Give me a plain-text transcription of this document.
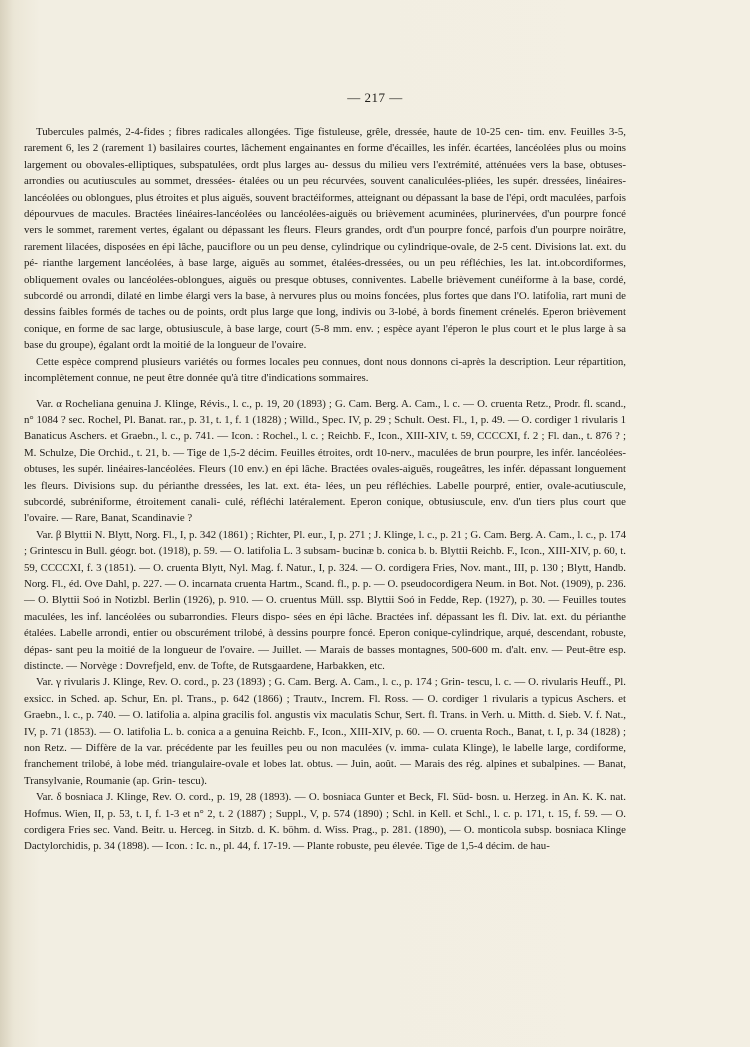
— 217 —

Tubercules palmés, 2-4-fides ; fibres radicales allongées. Tige fistuleuse, grêle, dressée, haute de 10-25 cen- tim. env. Feuilles 3-5, rarement 6, les 2 (rarement 1) basilaires courtes, lâchement engainantes en forme d'écailles, les infér. écartées, lancéolées plus ou moins largement ou obovales-elliptiques, subspatulées, ordt plus larges au- dessus du milieu vers l'extrémité, atténuées vers la base, obtuses-arrondies ou acutiuscules au sommet, dressées- étalées ou un peu récurvées, souvent canaliculées-pliées, les supér. dressées, linéaires-lancéolées ou oblongues, plus étroites et plus aiguës, souvent bractéiformes, atteignant ou dépassant la base de l'épi, ordt maculées, parfois dépourvues de macules. Bractées linéaires-lancéolées ou lancéolées-aiguës ou brièvement acuminées, plurinervées, d'un pourpre foncé vers le sommet, rarement vertes, égalant ou dépassant les fleurs. Fleurs grandes, ordt d'un pourpre foncé, parfois d'un pourpre noirâtre, rarement lilacées, disposées en épi lâche, pauciflore ou un peu dense, cylindrique ou cylindrique-ovale, de 2-5 cent. Divisions lat. ext. du pé- rianthe largement lancéolées, à base large, aiguës au sommet, étalées-dressées, ou un peu réfléchies, les lat. int.obcordiformes, obliquement ovales ou lancéolées-oblongues, aiguës ou presque obtuses, conniventes. Labelle brièvement cunéiforme à la base, cordé, subcordé ou arrondi, dilaté en limbe élargi vers la base, à nervures plus ou moins foncées, plus fortes que dans l'O. latifolia, rart muni de dessins faibles formés de taches ou de points, ordt plus large que long, indivis ou 3-lobé, à bords finement crénelés. Eperon brièvement conique, en forme de sac large, obtusiuscule, à base large, court (5-8 mm. env. ; espèce ayant l'éperon le plus court et le plus large à sa base du groupe), égalant ordt la moitié de la longueur de l'ovaire.

Cette espèce comprend plusieurs variétés ou formes locales peu connues, dont nous donnons ci-après la description. Leur répartition, incomplètement connue, ne peut être donnée qu'à titre d'indications sommaires.

Var. α Rocheliana genuina J. Klinge, Révis., l. c., p. 19, 20 (1893) ; G. Cam. Berg. A. Cam., l. c. — O. cruenta Retz., Prodr. fl. scand., n° 1084 ? sec. Rochel, Pl. Banat. rar., p. 31, t. 1, f. 1 (1828) ; Willd., Spec. IV, p. 29 ; Schult. Oest. Fl., 1, p. 49. — O. cordiger 1 rivularis 1 Banaticus Aschers. et Graebn., l. c., p. 741. — Icon. : Rochel., l. c. ; Reichb. F., Icon., XIII-XIV, t. 59, CCCCXI, f. 2 ; Fl. dan., t. 876 ? ; M. Schulze, Die Orchid., t. 21, b. — Tige de 1,5-2 décim. Feuilles étroites, ordt 10-nerv., maculées de brun pourpre, les infér. lancéolées-obtuses, les supér. linéaires-lancéolées. Fleurs (10 env.) en épi lâche. Bractées ovales-aiguës, rougeâtres, les infér. dépassant longuement les fleurs. Divisions sup. du périanthe dressées, les lat. ext. éta- lées, un peu réfléchies. Labelle pourpré, entier, ovale-acutiuscule, subcordé, subréniforme, étroitement canali- culé, réfléchi latéralement. Eperon conique, obtusiuscule, env. d'un tiers plus court que l'ovaire. — Rare, Banat, Scandinavie ?

Var. β Blyttii N. Blytt, Norg. Fl., I, p. 342 (1861) ; Richter, Pl. eur., I, p. 271 ; J. Klinge, l. c., p. 21 ; G. Cam. Berg. A. Cam., l. c., p. 174 ; Grintescu in Bull. géogr. bot. (1918), p. 59. — O. latifolia L. 3 subsam- bucinæ b. conica b. b. Blyttii Reichb. F., Icon., XIII-XIV, p. 60, t. 59, CCCCXI, f. 3 (1851). — O. cruenta Blytt, Nyl. Mag. f. Natur., I, p. 324. — O. cordigera Fries, Nov. mant., III, p. 130 ; Blytt, Handb. Norg. Fl., éd. Ove Dahl, p. 227. — O. incarnata cruenta Hartm., Scand. fl., p. p. — O. pseudocordigera Neum. in Bot. Not. (1909), p. 236. — O. Blyttii Soó in Notizbl. Berlin (1926), p. 910. — O. cruentus Müll. ssp. Blyttii Soó in Fedde, Rep. (1927), p. 30. — Feuilles toutes maculées, les inf. lancéolées ou subarrondies. Fleurs dispo- sées en épi lâche. Bractées inf. dépassant les fl. Div. lat. ext. du périanthe étalées. Labelle arrondi, entier ou obscurément trilobé, à dessins pourpre foncé. Eperon conique-cylindrique, arqué, descendant, robuste, dépas- sant peu la moitié de la longueur de l'ovaire. — Juillet. — Marais de basses montagnes, 500-600 m. d'alt. env. — Peut-être esp. distincte. — Norvège : Dovrefjeld, env. de Tofte, de Rutsgaardene, Harbakken, etc.

Var. γ rivularis J. Klinge, Rev. O. cord., p. 23 (1893) ; G. Cam. Berg. A. Cam., l. c., p. 174 ; Grin- tescu, l. c. — O. rivularis Heuff., Pl. exsicc. in Sched. ap. Schur, En. pl. Trans., p. 642 (1866) ; Trautv., Increm. Fl. Ross. — O. cordiger 1 rivularis a typicus Aschers. et Graebn., l. c., p. 740. — O. latifolia a. alpina gracilis fol. angustis vix maculatis Schur, Sert. fl. Trans. in Verh. u. Mitth. d. Sieb. V. f. Nat., IV, p. 71 (1853). — O. latifolia L. b. conica a a genuina Reichb. F., Icon., XIII-XIV, p. 60. — O. cruenta Roch., Banat, t. I, p. 34 (1828) ; non Retz. — Diffère de la var. précédente par les feuilles peu ou non maculées (v. imma- culata Klinge), le labelle large, cordiforme, franchement trilobé, à lobe méd. triangulaire-ovale et lobes lat. obtus. — Juin, août. — Marais des rég. alpines et subalpines. — Banat, Transylvanie, Roumanie (ap. Grin- tescu).

Var. δ bosniaca J. Klinge, Rev. O. cord., p. 19, 28 (1893). — O. bosniaca Gunter et Beck, Fl. Süd- bosn. u. Herzeg. in An. K. K. nat. Hofmus. Wien, II, p. 53, t. I, f. 1-3 et n° 2, t. 2 (1887) ; Suppl., V, p. 574 (1890) ; Schl. in Kell. et Schl., l. c. p. 171, t. 15, f. 59. — O. cordigera Fries sec. Vand. Beitr. u. Herceg. in Sitzb. d. K. böhm. d. Wiss. Prag., p. 281. (1890), — O. monticola subsp. bosniaca Klinge Dactylorchidis, p. 34 (1898). — Icon. : Ic. n., pl. 44, f. 17-19. — Plante robuste, peu élevée. Tige de 1,5-4 décim. de hau-
